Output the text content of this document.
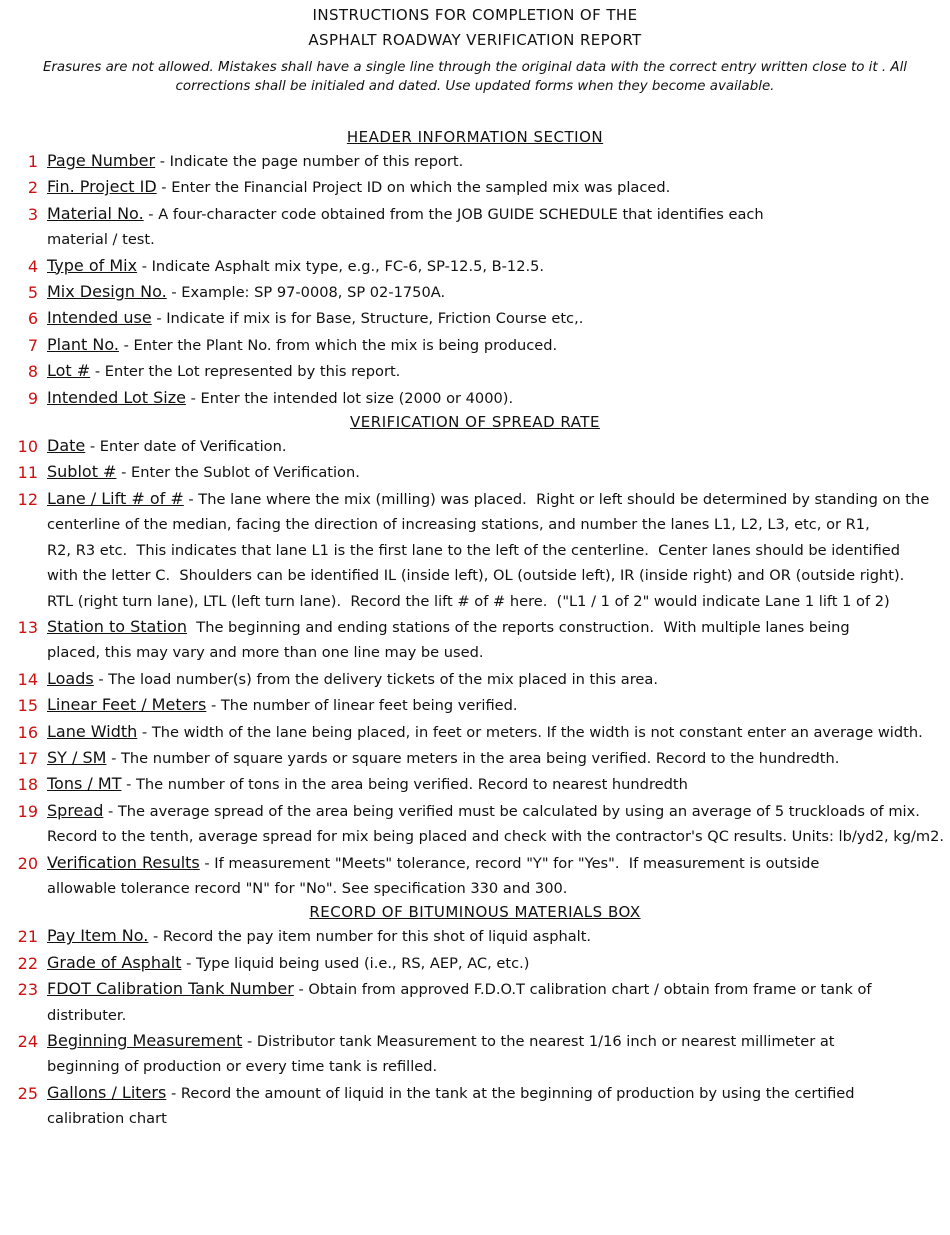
INSTRUCTIONS FOR COMPLETION OF THE
ASPHALT ROADWAY VERIFICATION REPORT
Erasures are not allowed. Mistakes shall have a single line through the original data with the correct entry written close to it . All corrections shall be initialed and dated. Use updated forms when they become available.
HEADER INFORMATION SECTION
1 Page Number - Indicate the page number of this report.
2 Fin. Project ID - Enter the Financial Project ID on which the sampled mix was placed.
3 Material No. - A four-character code obtained from the JOB GUIDE SCHEDULE that identifies each
material / test.
4 Type of Mix - Indicate Asphalt mix type, e.g., FC-6, SP-12.5, B-12.5.
5 Mix Design No. - Example: SP 97-0008, SP 02-1750A.
6 Intended use - Indicate if mix is for Base, Structure, Friction Course etc,.
7 Plant No. - Enter the Plant No. from which the mix is being produced.
8 Lot # - Enter the Lot represented by this report.
9 Intended Lot Size - Enter the intended lot size (2000 or 4000).
VERIFICATION OF SPREAD RATE
10 Date - Enter date of Verification.
11 Sublot # - Enter the Sublot of Verification.
12 Lane / Lift # of # - The lane where the mix (milling) was placed.  Right or left should be determined by standing on the
centerline of the median, facing the direction of increasing stations, and number the lanes L1, L2, L3, etc, or R1,
R2, R3 etc.  This indicates that lane L1 is the first lane to the left of the centerline.  Center lanes should be identified
with the letter C.  Shoulders can be identified IL (inside left), OL (outside left), IR (inside right) and OR (outside right).
RTL (right turn lane), LTL (left turn lane).  Record the lift # of # here.  ("L1 / 1 of 2" would indicate Lane 1 lift 1 of 2)
13 Station to Station  The beginning and ending stations of the reports construction.  With multiple lanes being
placed, this may vary and more than one line may be used.
14 Loads - The load number(s) from the delivery tickets of the mix placed in this area.
15 Linear Feet / Meters - The number of linear feet being verified.
16 Lane Width - The width of the lane being placed, in feet or meters. If the width is not constant enter an average width.
17 SY / SM - The number of square yards or square meters in the area being verified. Record to the hundredth.
18 Tons / MT - The number of tons in the area being verified. Record to nearest hundredth
19 Spread - The average spread of the area being verified must be calculated by using an average of 5 truckloads of mix.
Record to the tenth, average spread for mix being placed and check with the contractor's QC results. Units: lb/yd2, kg/m2.
20 Verification Results - If measurement "Meets" tolerance, record "Y" for "Yes".  If measurement is outside
allowable tolerance record "N" for "No". See specification 330 and 300.
RECORD OF BITUMINOUS MATERIALS BOX
21 Pay Item No. - Record the pay item number for this shot of liquid asphalt.
22 Grade of Asphalt - Type liquid being used (i.e., RS, AEP, AC, etc.)
23 FDOT Calibration Tank Number - Obtain from approved F.D.O.T calibration chart / obtain from frame or tank of distributer.
24 Beginning Measurement - Distributor tank Measurement to the nearest 1/16 inch or nearest millimeter at
beginning of production or every time tank is refilled.
25 Gallons / Liters - Record the amount of liquid in the tank at the beginning of production by using the certified
calibration chart
